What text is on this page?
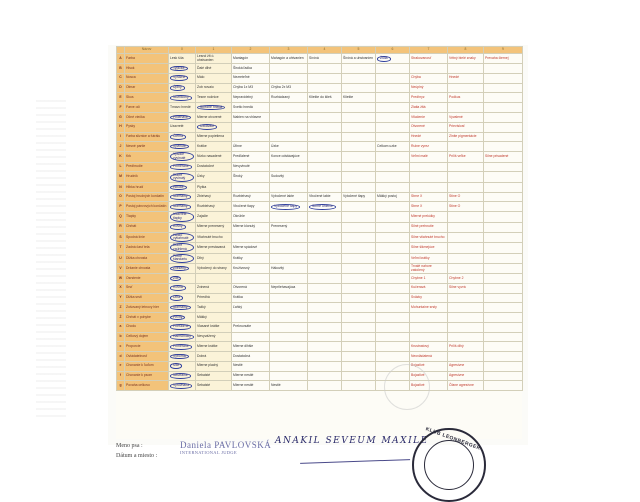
	Názov	0	1	2	3	4	5	6	7	8	9
A	Farba	Lesk šíía	Lesnd žlt ó. uhstvanien	Mantagón	Mahagón a uhtvanien	Síróvá	Šíróvá a uhstvanien	Žlutá	Strakovanosť	Vrttný bielé znaky	Prevaha čiernej
B	Hlsok	Typické	Ďalé dlhé	Široká ľadka							
C	Nosca	Vyrazné	Málo	Nezreteľné					Chýba	Hnedé	
D	Olmar	Úplný	Zob novaio	Chýba 1x M3	Chýba 2x M3				Neúplný		
E	Skus	Nožnicový	Tesne nožnice	Nepravidelný	Rozhádzaný	Kliešte do klieš	Kliešte		Predhryz	Podkus	
F	Farve očí	Tmavo hnedé	Stredne hnedá	Svetlo hnedá					Zlatia žltá		
G	Očné viečka	Priliehavé	Mierne otvorené	Nabien na vhlavne					Vtlačenie	Vyvalené	
H	Pysky	Uzavreté	Uzkavaté						Otvorené	Prievislosť	
I	Farba sliznice a futrálu	Čierna	Mierne popietiena						Hnedé	Zlnite pigmentácie	
J	Nesné partie	Vyvinuté	Krátke	Úlhne	Úzke			Celkom uzke	Rulne vyrez		
K	Krk	Vysoké vyvinuté	Nízko nasadené	Predľalené	Konce odstávajúce				Veľmi malé	Príliš veľke	Silne prisadené
L	Predhrudie	Primerane	Dostatočné	Nevyvinuté							
M	Hrudník	Dobre vyvinutý	Úzky	Široký	Sudovitý						
N	Hĺbka hrudí	Hlboké	Plytka								
O	Postoj hrudných končatin	Normálny	Zbiehavý	Rozbiehavý	Vybočené lakte	Vbočené lakte	Vytočené tlapy	Mäkký postoj	Strne X	Stine O	
P	Postoj pánvových končatín	Normálny	Rozbiehavý	Vbočené tlapy	Vybočené tlapy	Strmé uhlenie			Strne X	Stine O	
Q	Tlapky	Uzavreté tlapky	Zajačie	Okrúhle					Mierné prekúiky		
R	Chrbát	Rovný	Mierne prenesený	Mierne klonutý	Prenesený				Silné prehnutie		
S	Spodná línie	Ľahko vytiahnuté	Vtiahnuté brucho						Silne vtiahnuté brucho		
T	Zadná časť tela	Dobre zaúhlená	Mierne prestavaná	Mierne spádové					Silne šikmejúce		
U	Dĺžka chvosta	Prebe štandartu	Dlhý	Krátky					Veľmi krátky		
V	Držanie chvosta	Zvesený	Vybočený do strany	Kruživosný	Hákovitý				Trvalé nahore zatočený		
W	Osrstenie	Zlie							Chybne 1	Chybne 2	
X	Srsť	Rovná	Zvinená	Otvorená	Neprilehavajúca				Kučeravá	Silne vyvrá	
Y	Dĺžka srsti	Dlhá	Priredhá	Krátka					Sväzky		
Z	Zošovaný letnovy hier	Normálny	Tažký	Ľahký					Mohuntaine srsty		
Ž	Chrbát v pohybe	Pevný	Mäkký								
a	Chodu	Priestorné	Vlasané krátke	Prekruvsáte							
b	Celkový dojem	Harmonický	Nevyvážený								
c	Proporcie	Primerané	Mierne krátke	Mierne dlhšie					Krustnatový	Príliš dlhý	
d	Ovládatelnosť	Výborná	Dobrá	Dostatočná					Neovládatená		
e	Chovanie k ľuďom	Milé	Mierne plachý	Nestié					Bojazlivé	Agresívne	
f	Chovanie k psom	Neutrálne	Sebaisté	Mierne nestié					Bojazlivé	Agresívne	
g	Povaha celkovo	Vyrovnaná	Sebaisté	Mierne nestié	Nestié				Bojazlivé	Čfane agresívne	
Meno psa :
Dátum a miesto :
Daniela PAVLOVSKÁ
INTERNATIONAL JUDGE
ANAKIL SEVEUM MAXILE
KLUB LEONBERGER
